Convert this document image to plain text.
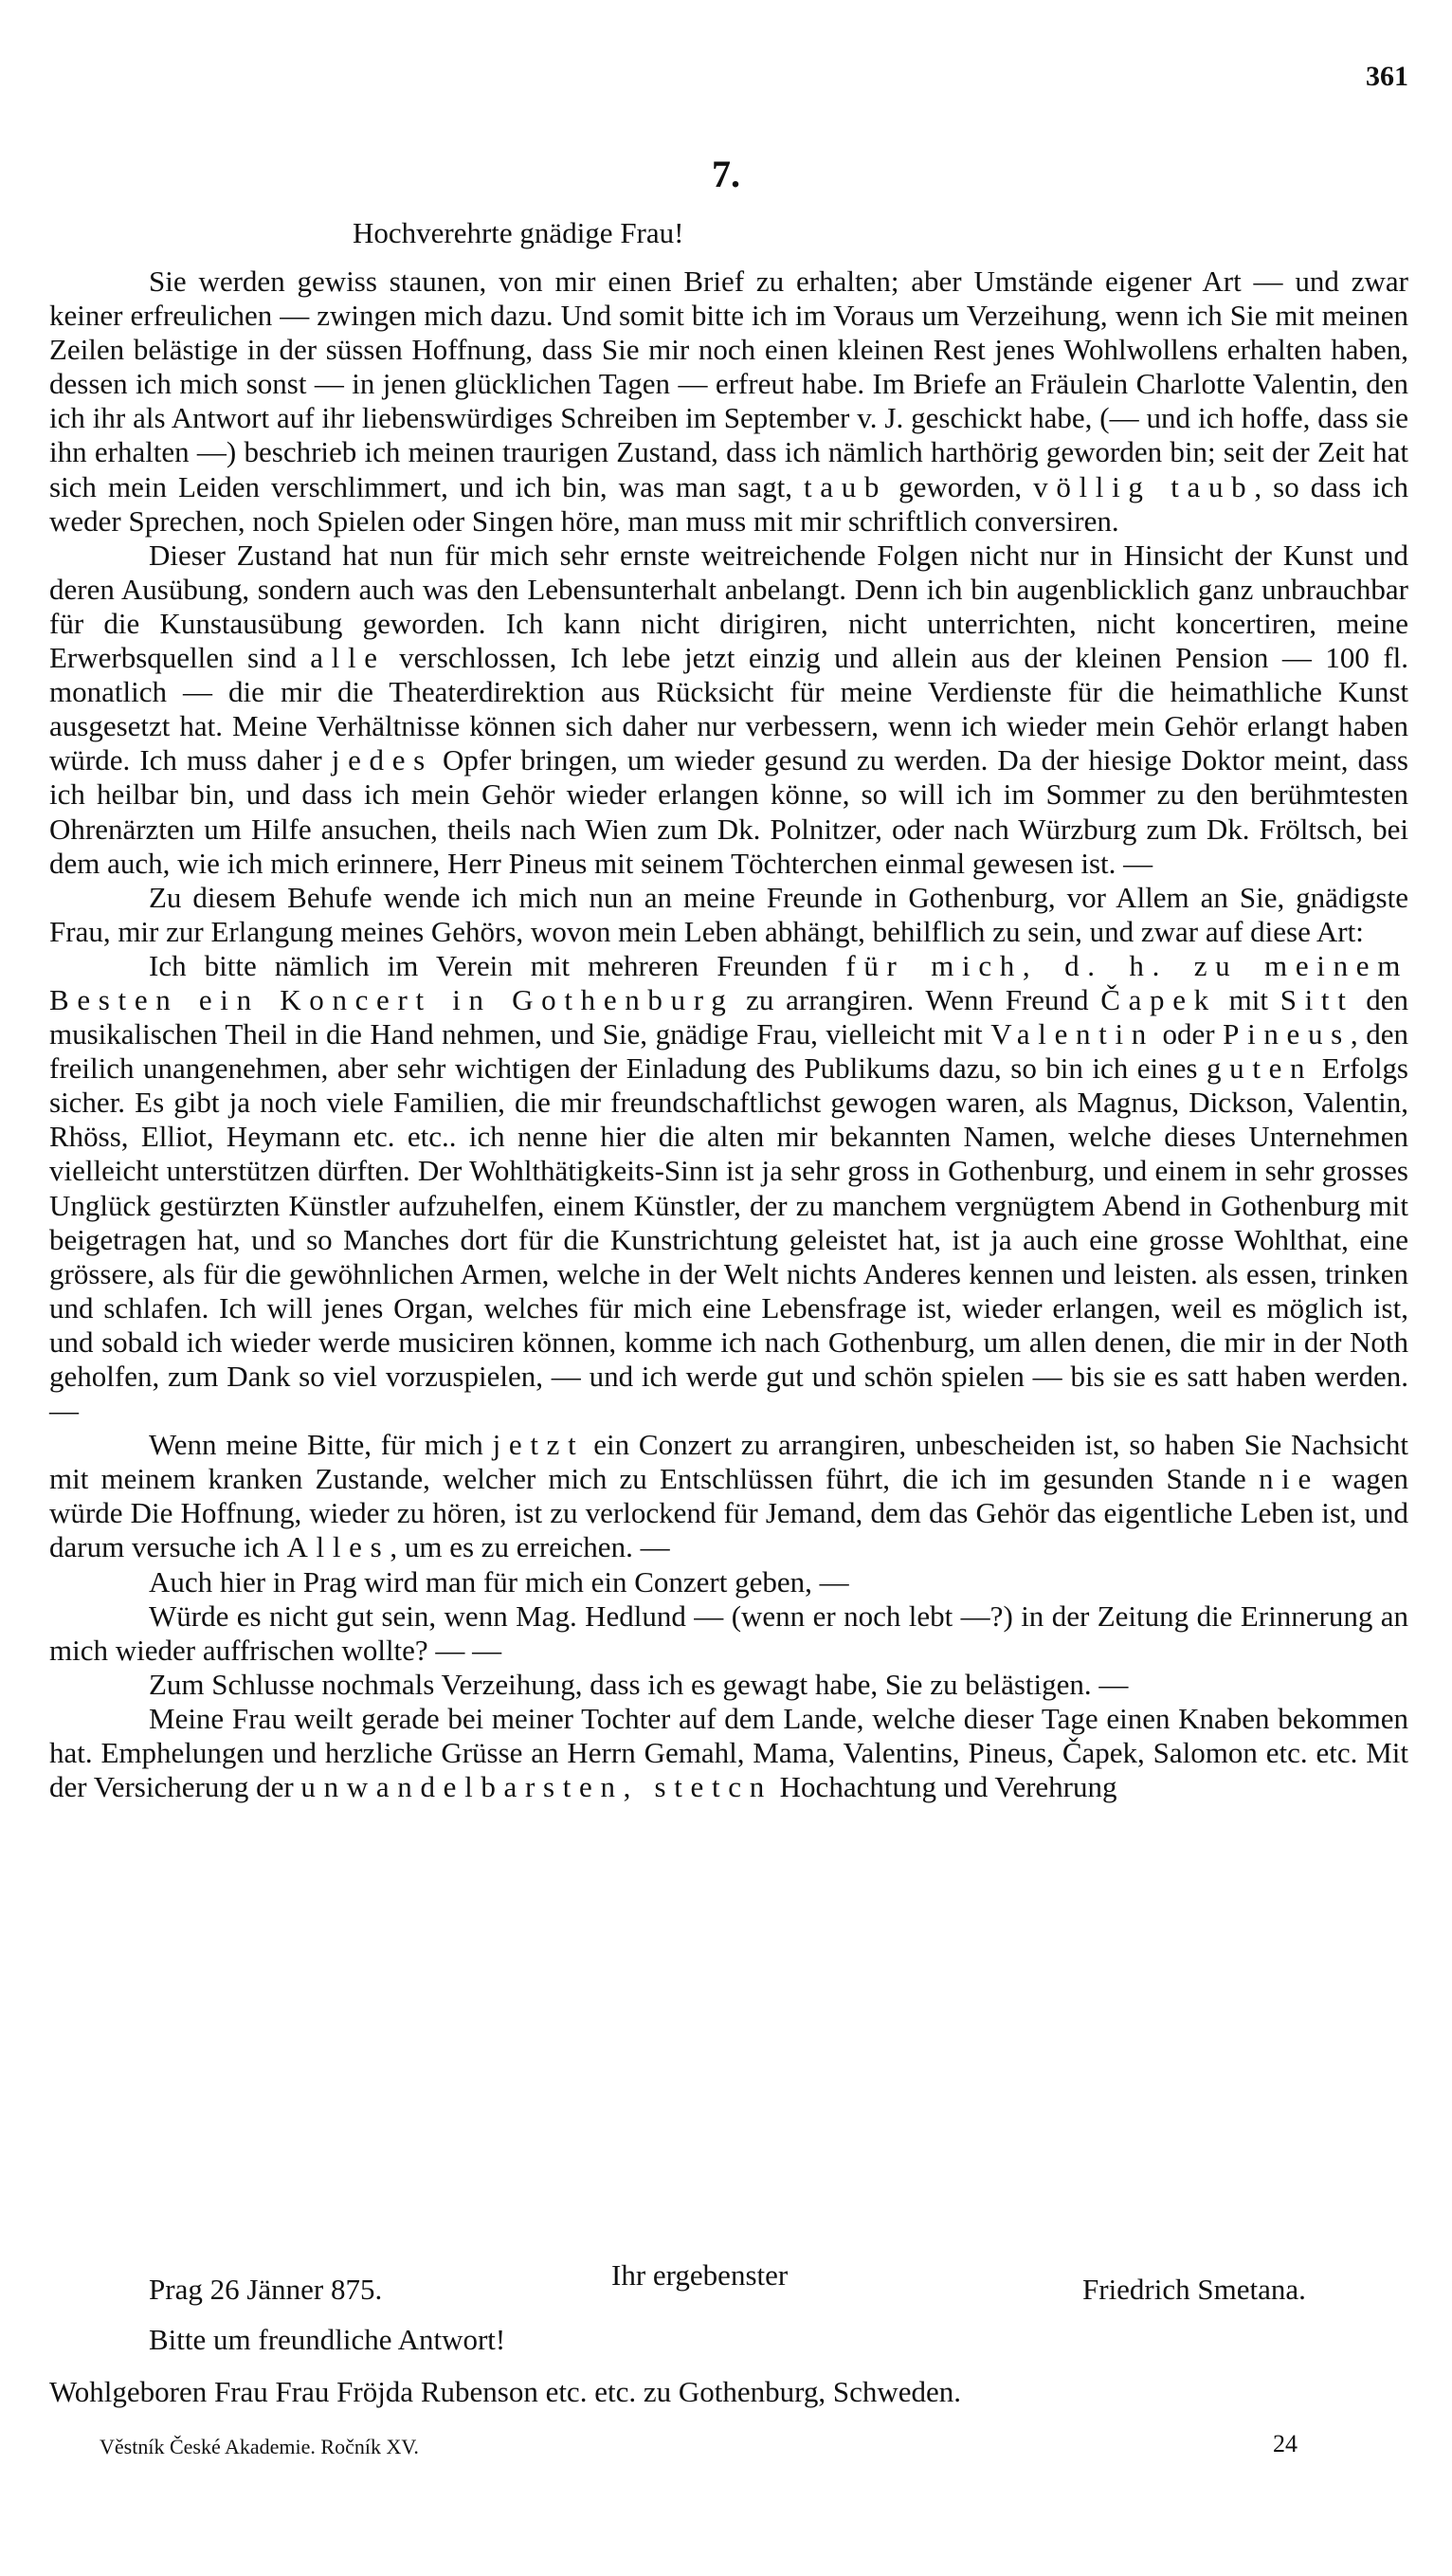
361
7.
Hochverehrte gnädige Frau!

Sie werden gewiss staunen, von mir einen Brief zu erhalten; aber Umstände eigener Art — und zwar keiner erfreulichen — zwingen mich dazu. Und somit bitte ich im Voraus um Verzeihung, wenn ich Sie mit meinen Zeilen belästige in der süssen Hoffnung, dass Sie mir noch einen kleinen Rest jenes Wohlwollens erhalten haben, dessen ich mich sonst — in jenen glücklichen Tagen — erfreut habe. Im Briefe an Fräulein Charlotte Valentin, den ich ihr als Antwort auf ihr liebenswürdiges Schreiben im September v. J. geschickt habe, (— und ich hoffe, dass sie ihn erhalten —) beschrieb ich meinen traurigen Zustand, dass ich nämlich harthörig geworden bin; seit der Zeit hat sich mein Leiden verschlimmert, und ich bin, was man sagt, taub geworden, völlig taub, so dass ich weder Sprechen, noch Spielen oder Singen höre, man muss mit mir schriftlich conversiren.

Dieser Zustand hat nun für mich sehr ernste weitreichende Folgen nicht nur in Hinsicht der Kunst und deren Ausübung, sondern auch was den Lebensunterhalt anbelangt. Denn ich bin augenblicklich ganz unbrauchbar für die Kunstausübung geworden. Ich kann nicht dirigiren, nicht unterrichten, nicht koncertiren, meine Erwerbsquellen sind alle verschlossen, Ich lebe jetzt einzig und allein aus der kleinen Pension — 100 fl. monatlich — die mir die Theaterdirektion aus Rücksicht für meine Verdienste für die heimathliche Kunst ausgesetzt hat. Meine Verhältnisse können sich daher nur verbessern, wenn ich wieder mein Gehör erlangt haben würde. Ich muss daher jedes Opfer bringen, um wieder gesund zu werden. Da der hiesige Doktor meint, dass ich heilbar bin, und dass ich mein Gehör wieder erlangen könne, so will ich im Sommer zu den berühmtesten Ohrenärzten um Hilfe ansuchen, theils nach Wien zum Dk. Polnitzer, oder nach Würzburg zum Dk. Fröltsch, bei dem auch, wie ich mich erinnere, Herr Pineus mit seinem Töchterchen einmal gewesen ist. —

Zu diesem Behufe wende ich mich nun an meine Freunde in Gothenburg, vor Allem an Sie, gnädigste Frau, mir zur Erlangung meines Gehörs, wovon mein Leben abhängt, behilflich zu sein, und zwar auf diese Art:

Ich bitte nämlich im Verein mit mehreren Freunden für mich, d. h. zu meinem Besten ein Koncert in Gothenburg zu arrangiren. Wenn Freund Čapek mit Sitt den musikalischen Theil in die Hand nehmen, und Sie, gnädige Frau, vielleicht mit Valentin oder Pineus, den freilich unangenehmen, aber sehr wichtigen der Einladung des Publikums dazu, so bin ich eines guten Erfolgs sicher. Es gibt ja noch viele Familien, die mir freundschaftlichst gewogen waren, als Magnus, Dickson, Valentin, Rhöss, Elliot, Heymann etc. etc.. ich nenne hier die alten mir bekannten Namen, welche dieses Unternehmen vielleicht unterstützen dürften. Der Wohlthätigkeits-Sinn ist ja sehr gross in Gothenburg, und einem in sehr grosses Unglück gestürzten Künstler aufzuhelfen, einem Künstler, der zu manchem vergnügtem Abend in Gothenburg mit beigetragen hat, und so Manches dort für die Kunstrichtung geleistet hat, ist ja auch eine grosse Wohlthat, eine grössere, als für die gewöhnlichen Armen, welche in der Welt nichts Anderes kennen und leisten. als essen, trinken und schlafen. Ich will jenes Organ, welches für mich eine Lebensfrage ist, wieder erlangen, weil es möglich ist, und sobald ich wieder werde musiciren können, komme ich nach Gothenburg, um allen denen, die mir in der Noth geholfen, zum Dank so viel vorzuspielen, — und ich werde gut und schön spielen — bis sie es satt haben werden. —

Wenn meine Bitte, für mich jetzt ein Conzert zu arrangiren, unbescheiden ist, so haben Sie Nachsicht mit meinem kranken Zustande, welcher mich zu Entschlüssen führt, die ich im gesunden Stande nie wagen würde Die Hoffnung, wieder zu hören, ist zu verlockend für Jemand, dem das Gehör das eigentliche Leben ist, und darum versuche ich Alles, um es zu erreichen. —

Auch hier in Prag wird man für mich ein Conzert geben, —

Würde es nicht gut sein, wenn Mag. Hedlund — (wenn er noch lebt —?) in der Zeitung die Erinnerung an mich wieder auffrischen wollte? — —

Zum Schlusse nochmals Verzeihung, dass ich es gewagt habe, Sie zu belästigen. —

Meine Frau weilt gerade bei meiner Tochter auf dem Lande, welche dieser Tage einen Knaben bekommen hat. Emphelungen und herzliche Grüsse an Herrn Gemahl, Mama, Valentins, Pineus, Čapek, Salomon etc. etc. Mit der Versicherung der unwandelbarsten, stetcn Hochachtung und Verehrung

Prag 26 Jänner 875.	Ihr ergebenster	Friedrich Smetana.
Bitte um freundliche Antwort!
Wohlgeboren Frau Frau Fröjda Rubenson etc. etc. zu Gothenburg, Schweden.
Věstník České Akademie. Ročník XV.	24
